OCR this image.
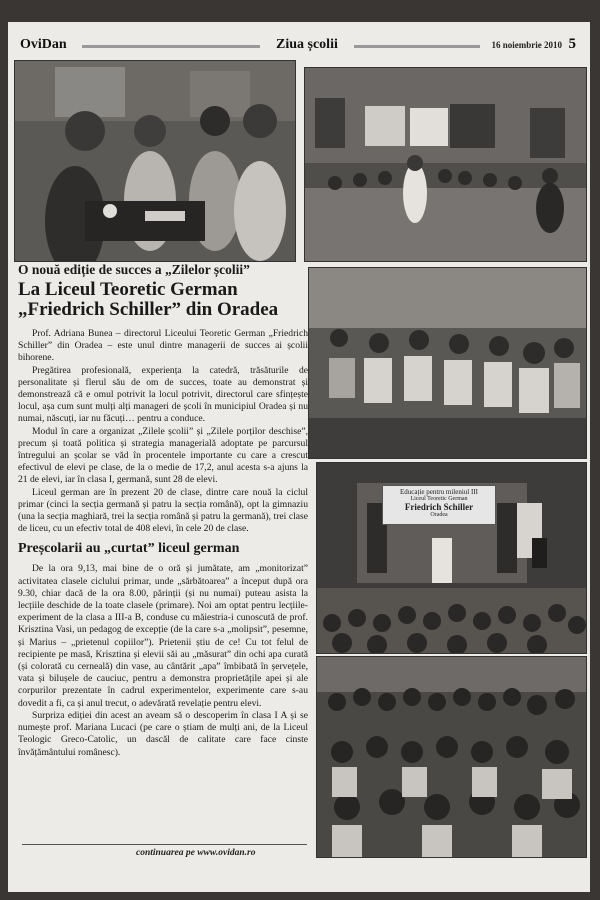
OviDan	Ziua școlii	16 noiembrie 2010 5
Educație pentru mileniul III
Liceul Teoretic German
Friedrich Schiller
Oradea
O nouă ediție de succes a „Zilelor școlii”
La Liceul Teoretic German
„Friedrich Schiller” din Oradea

Prof. Adriana Bunea – directorul Liceului Teoretic German „Friedrich Schiller” din Oradea – este unul dintre managerii de succes ai școlii bihorene.

Pregătirea profesională, experiența la catedră, trăsăturile de personalitate și flerul său de om de succes, toate au demonstrat și demonstrează că e omul potrivit la locul potrivit, directorul care sfințește locul, așa cum sunt mulți alți manageri de școli în municipiul Oradea și nu numai, născuți, iar nu făcuți… pentru a conduce.

Modul în care a organizat „Zilele școlii” și „Zilele porților deschise”, precum și toată politica și strategia managerială adoptate pe parcursul întregului an școlar se văd în procentele importante cu care a crescut efectivul de elevi pe clase, de la o medie de 17,2, anul acesta s-a ajuns la 21 de elevi, iar în clasa I, germană, sunt 28 de elevi.

Liceul german are în prezent 20 de clase, dintre care nouă la ciclul primar (cinci la secția germană și patru la secția română), opt la gimnaziu (una la secția maghiară, trei la secția română și patru la germană), trei clase de liceu, cu un efectiv total de 408 elevi, în cele 20 de clase.

Preșcolarii au „curtat” liceul german

De la ora 9,13, mai bine de o oră și jumătate, am „monitorizat” activitatea clasele ciclului primar, unde „sărbătoarea” a început după ora 9.30, chiar dacă de la ora 8.00, părinții (și nu numai) puteau asista la lecțiile deschide de la toate clasele (primare). Noi am optat pentru lecțiile-experiment de la clasa a III-a B, conduse cu măiestria-i cunoscută de prof. Krisztina Vasi, un pedagog de excepție (de la care s-a „molipsit”, pesemne, și Marius – „prietenul copiilor”). Prietenii știu de ce! Cu tot felul de recipiente pe masă, Krisztina și elevii săi au „măsurat” din ochi apa curată (și colorată cu cerneală) din vase, au cântărit „apa” îmbibată în șervețele, vata și bilușele de cauciuc, pentru a demonstra proprietățile apei și ale corpurilor prezentate în cadrul experimentelor, experimente care s-au dovedit a fi, ca și anul trecut, o adevărată revelație pentru elevi.

Surpriza ediției din acest an aveam să o descoperim în clasa I A și se numește prof. Mariana Lucaci (pe care o știam de mulți ani, de la Liceul Teologic Greco-Catolic, un dascăl de calitate care face cinste învățământului românesc).

continuarea pe www.ovidan.ro
